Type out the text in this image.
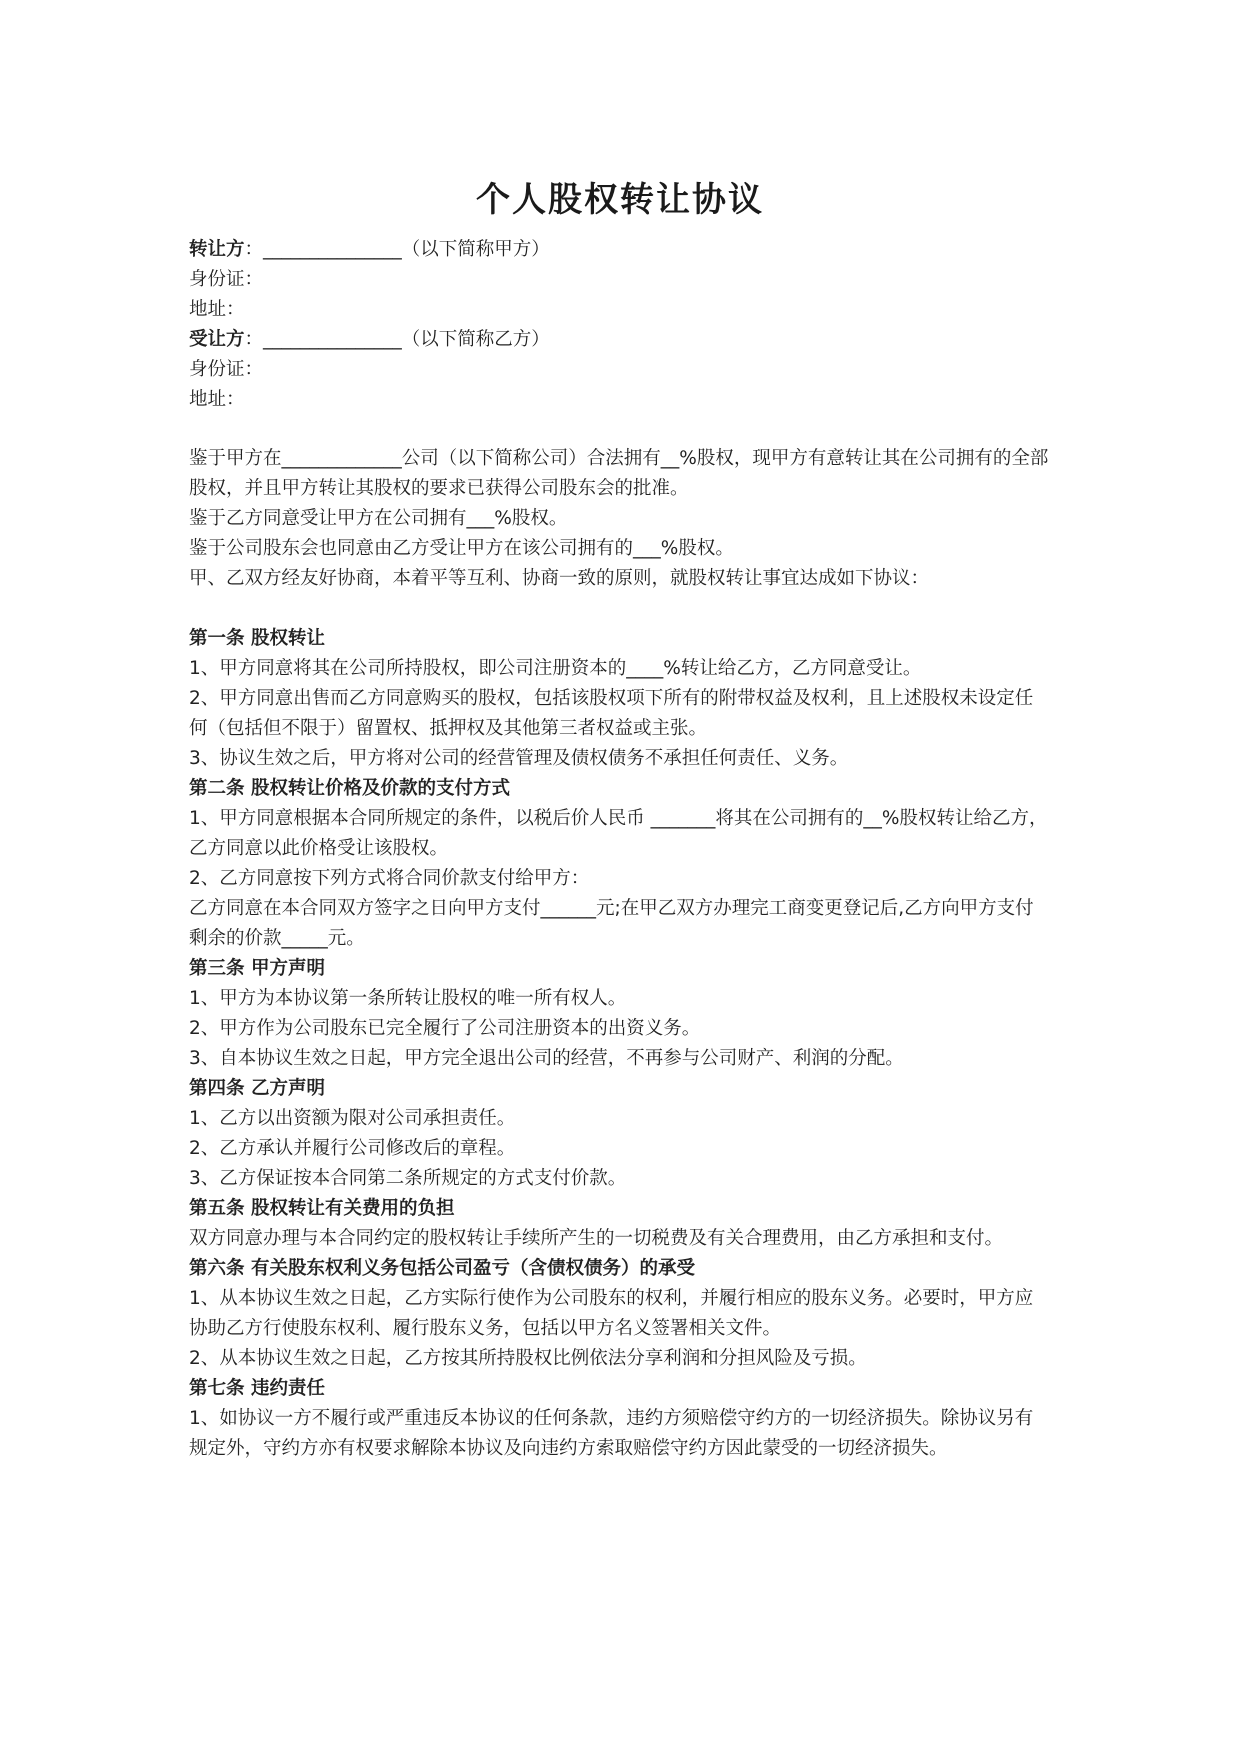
个人股权转让协议
转让方：_______________（以下简称甲方）
身份证：
地址：
受让方：_______________（以下简称乙方）
身份证：
地址：
鉴于甲方在_____________公司（以下简称公司）合法拥有__%股权，现甲方有意转让其在公司拥有的全部
股权，并且甲方转让其股权的要求已获得公司股东会的批准。
鉴于乙方同意受让甲方在公司拥有___%股权。
鉴于公司股东会也同意由乙方受让甲方在该公司拥有的___%股权。
甲、乙双方经友好协商，本着平等互利、协商一致的原则，就股权转让事宜达成如下协议：
第一条 股权转让
1、甲方同意将其在公司所持股权，即公司注册资本的____%转让给乙方，乙方同意受让。
2、甲方同意出售而乙方同意购买的股权，包括该股权项下所有的附带权益及权利，且上述股权未设定任
何（包括但不限于）留置权、抵押权及其他第三者权益或主张。
3、协议生效之后，甲方将对公司的经营管理及债权债务不承担任何责任、义务。
第二条 股权转让价格及价款的支付方式
1、甲方同意根据本合同所规定的条件，以税后价人民币 _______将其在公司拥有的__%股权转让给乙方，
乙方同意以此价格受让该股权。
2、乙方同意按下列方式将合同价款支付给甲方：
乙方同意在本合同双方签字之日向甲方支付______元;在甲乙双方办理完工商变更登记后,乙方向甲方支付
剩余的价款_____元。
第三条 甲方声明
1、甲方为本协议第一条所转让股权的唯一所有权人。
2、甲方作为公司股东已完全履行了公司注册资本的出资义务。
3、自本协议生效之日起，甲方完全退出公司的经营，不再参与公司财产、利润的分配。
第四条 乙方声明
1、乙方以出资额为限对公司承担责任。
2、乙方承认并履行公司修改后的章程。
3、乙方保证按本合同第二条所规定的方式支付价款。
第五条 股权转让有关费用的负担
双方同意办理与本合同约定的股权转让手续所产生的一切税费及有关合理费用，由乙方承担和支付。
第六条 有关股东权利义务包括公司盈亏（含债权债务）的承受
1、从本协议生效之日起，乙方实际行使作为公司股东的权利，并履行相应的股东义务。必要时，甲方应
协助乙方行使股东权利、履行股东义务，包括以甲方名义签署相关文件。
2、从本协议生效之日起，乙方按其所持股权比例依法分享利润和分担风险及亏损。
第七条 违约责任
1、如协议一方不履行或严重违反本协议的任何条款，违约方须赔偿守约方的一切经济损失。除协议另有
规定外，守约方亦有权要求解除本协议及向违约方索取赔偿守约方因此蒙受的一切经济损失。
